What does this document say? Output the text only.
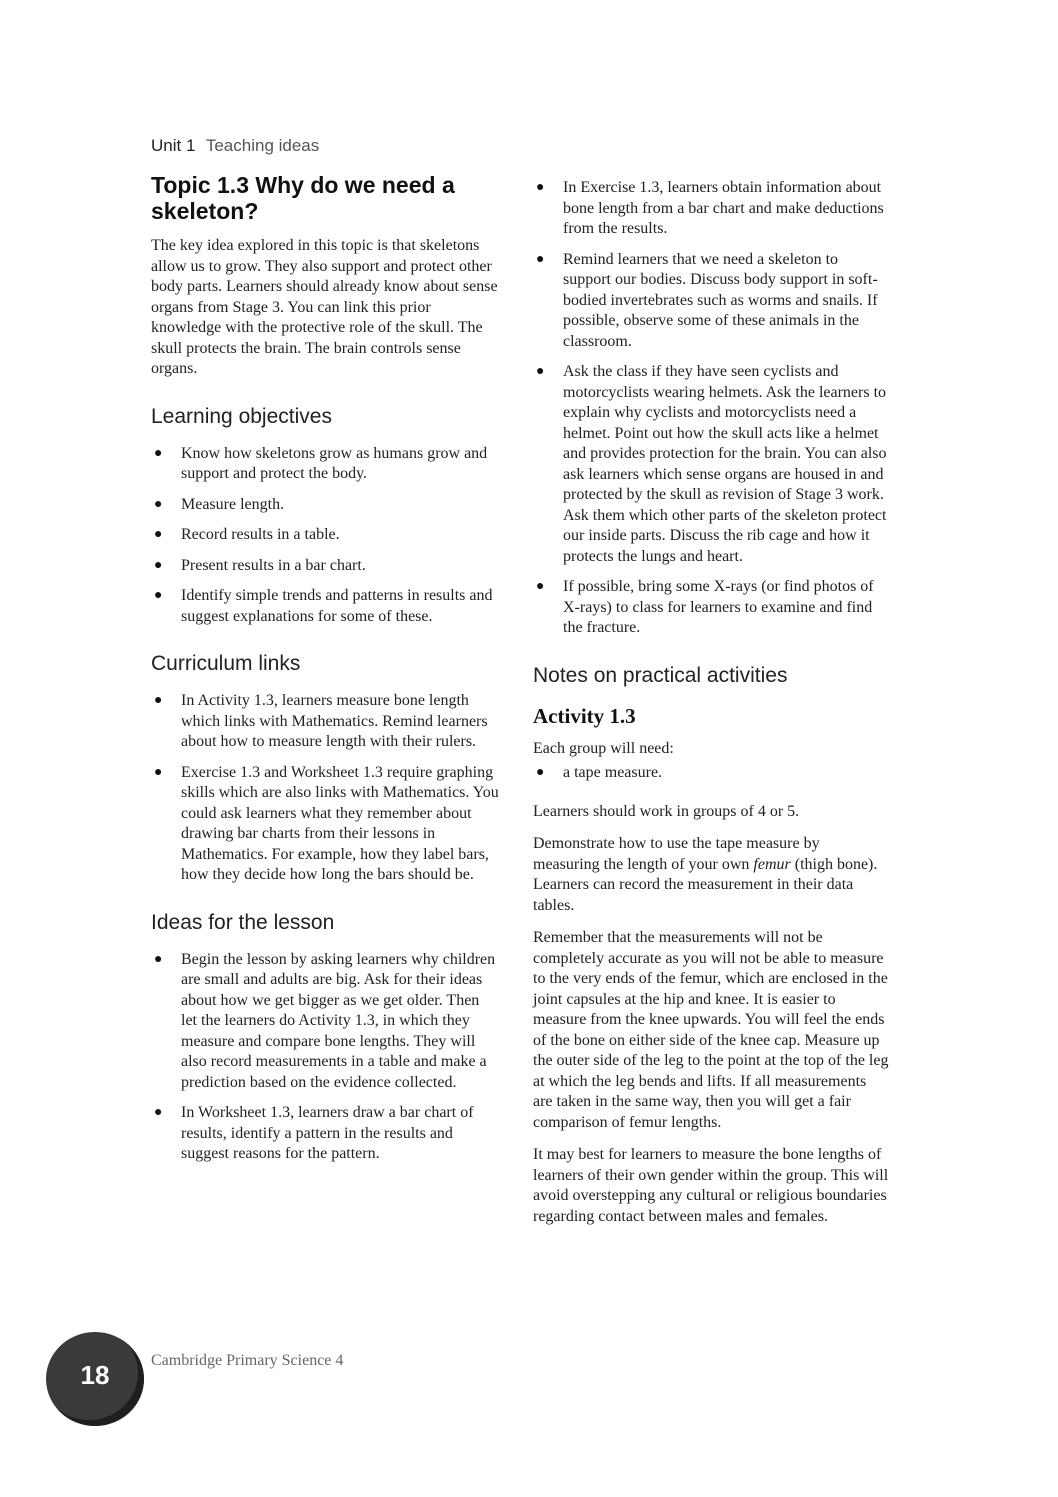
Unit 1 Teaching ideas
Topic 1.3 Why do we need a skeleton?

The key idea explored in this topic is that skeletons allow us to grow. They also support and protect other body parts. Learners should already know about sense organs from Stage 3. You can link this prior knowledge with the protective role of the skull. The skull protects the brain. The brain controls sense organs.

Learning objectives
● Know how skeletons grow as humans grow and support and protect the body.
● Measure length.
● Record results in a table.
● Present results in a bar chart.
● Identify simple trends and patterns in results and suggest explanations for some of these.
Curriculum links
● In Activity 1.3, learners measure bone length which links with Mathematics. Remind learners about how to measure length with their rulers.
● Exercise 1.3 and Worksheet 1.3 require graphing skills which are also links with Mathematics. You could ask learners what they remember about drawing bar charts from their lessons in Mathematics. For example, how they label bars, how they decide how long the bars should be.
Ideas for the lesson
● Begin the lesson by asking learners why children are small and adults are big. Ask for their ideas about how we get bigger as we get older. Then let the learners do Activity 1.3, in which they measure and compare bone lengths. They will also record measurements in a table and make a prediction based on the evidence collected.
● In Worksheet 1.3, learners draw a bar chart of results, identify a pattern in the results and suggest reasons for the pattern.
● In Exercise 1.3, learners obtain information about bone length from a bar chart and make deductions from the results.
● Remind learners that we need a skeleton to support our bodies. Discuss body support in soft-bodied invertebrates such as worms and snails. If possible, observe some of these animals in the classroom.
● Ask the class if they have seen cyclists and motorcyclists wearing helmets. Ask the learners to explain why cyclists and motorcyclists need a helmet. Point out how the skull acts like a helmet and provides protection for the brain. You can also ask learners which sense organs are housed in and protected by the skull as revision of Stage 3 work. Ask them which other parts of the skeleton protect our inside parts. Discuss the rib cage and how it protects the lungs and heart.
● If possible, bring some X-rays (or find photos of X-rays) to class for learners to examine and find the fracture.
Notes on practical activities
Activity 1.3

Each group will need:

● a tape measure.

Learners should work in groups of 4 or 5.

Demonstrate how to use the tape measure by measuring the length of your own femur (thigh bone). Learners can record the measurement in their data tables.

Remember that the measurements will not be completely accurate as you will not be able to measure to the very ends of the femur, which are enclosed in the joint capsules at the hip and knee. It is easier to measure from the knee upwards. You will feel the ends of the bone on either side of the knee cap. Measure up the outer side of the leg to the point at the top of the leg at which the leg bends and lifts. If all measurements are taken in the same way, then you will get a fair comparison of femur lengths.

It may best for learners to measure the bone lengths of learners of their own gender within the group. This will avoid overstepping any cultural or religious boundaries regarding contact between males and females.

18	Cambridge Primary Science 4
